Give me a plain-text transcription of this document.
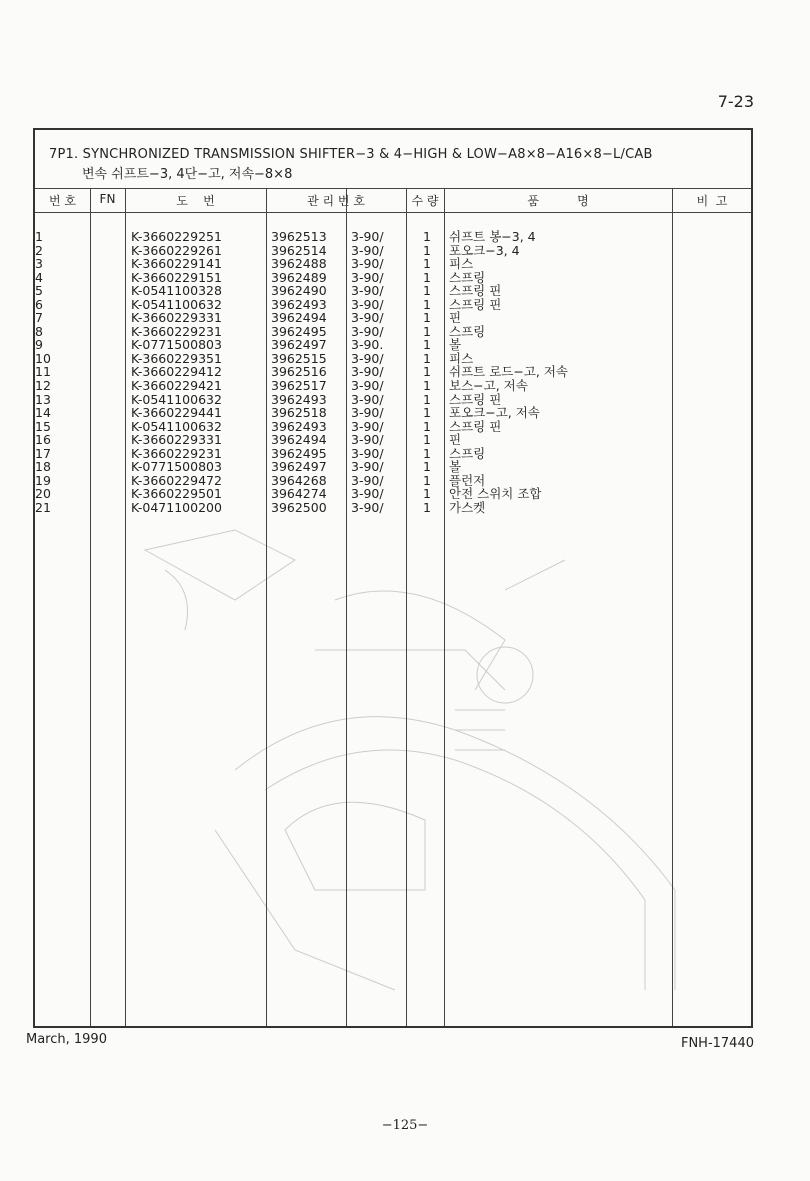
7-23
7P1. SYNCHRONIZED TRANSMISSION SHIFTER−3 & 4−HIGH & LOW−A8×8−A16×8−L/CAB
변속 쉬프트−3, 4단−고, 저속−8×8
번 호	FN	도    번	관 리 번 호	수 량	품          명	비  고
1	K-3660229251	3962513 3-90/	1	쉬프트 봉−3, 4
2	K-3660229261	3962514 3-90/	1	포오크−3, 4
3	K-3660229141	3962488 3-90/	1	피스
4	K-3660229151	3962489 3-90/	1	스프링
5	K-0541100328	3962490 3-90/	1	스프링 핀
6	K-0541100632	3962493 3-90/	1	스프링 핀
7	K-3660229331	3962494 3-90/	1	핀
8	K-3660229231	3962495 3-90/	1	스프링
9	K-0771500803	3962497 3-90.	1	볼
10	K-3660229351	3962515 3-90/	1	피스
11	K-3660229412	3962516 3-90/	1	쉬프트 로드−고, 저속
12	K-3660229421	3962517 3-90/	1	보스−고, 저속
13	K-0541100632	3962493 3-90/	1	스프링 핀
14	K-3660229441	3962518 3-90/	1	포오크−고, 저속
15	K-0541100632	3962493 3-90/	1	스프링 핀
16	K-3660229331	3962494 3-90/	1	핀
17	K-3660229231	3962495 3-90/	1	스프링
18	K-0771500803	3962497 3-90/	1	볼
19	K-3660229472	3964268 3-90/	1	플런저
20	K-3660229501	3964274 3-90/	1	안전 스위치 조합
21	K-0471100200	3962500 3-90/	1	가스켓
March, 1990	FNH-17440
−125−
